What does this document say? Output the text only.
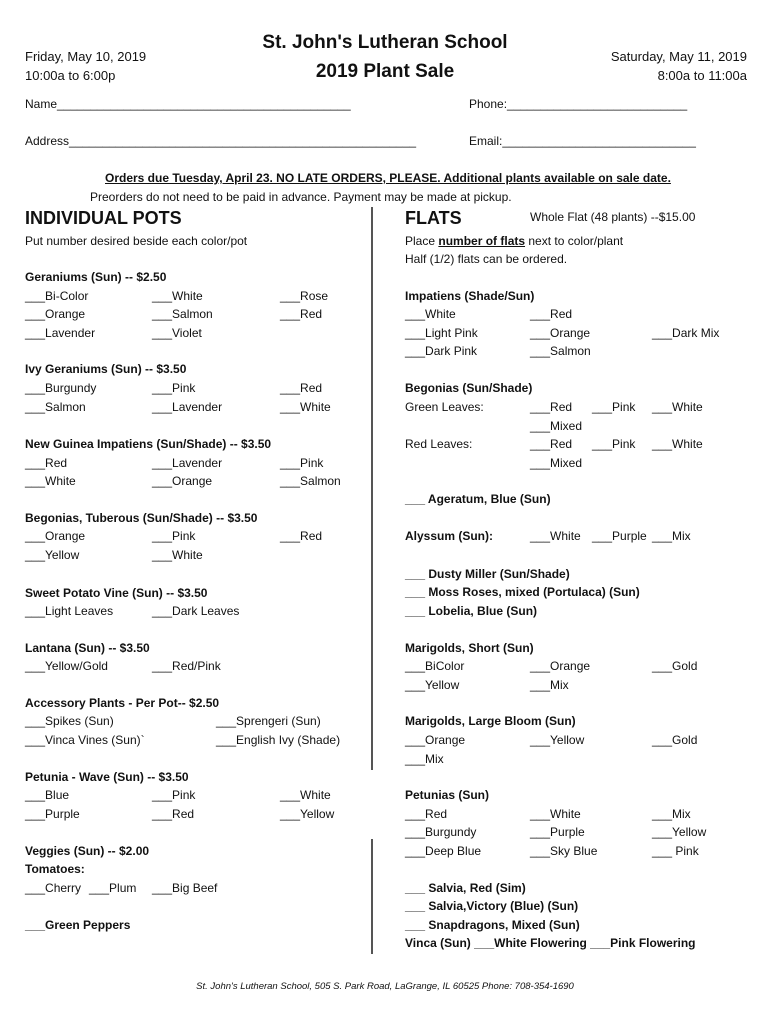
Friday, May 10, 2019
10:00a to 6:00p
St. John's Lutheran School
2019 Plant Sale
Saturday, May 11, 2019
8:00a to 11:00a
Name____________________________________________	Phone:___________________________
Address____________________________________________________	Email:_____________________________
Orders due Tuesday, April 23. NO LATE ORDERS, PLEASE. Additional plants available on sale date.
Preorders do not need to be paid in advance. Payment may be made at pickup.
INDIVIDUAL POTS
Put number desired beside each color/pot
Geraniums (Sun) -- $2.50
___Bi-Color	___White	___Rose
___Orange	___Salmon	___Red
___Lavender	___Violet
Ivy Geraniums (Sun) -- $3.50
___Burgundy	___Pink	___Red
___Salmon	___Lavender	___White
New Guinea Impatiens (Sun/Shade) -- $3.50
___Red	___Lavender	___Pink
___White	___Orange	___Salmon
Begonias, Tuberous (Sun/Shade) -- $3.50
___Orange	___Pink	___Red
___Yellow	___White
Sweet Potato Vine (Sun) -- $3.50
___Light Leaves	___Dark Leaves
Lantana (Sun) -- $3.50
___Yellow/Gold	___Red/Pink
Accessory Plants - Per Pot-- $2.50
___Spikes (Sun)	___Sprengeri (Sun)
___Vinca Vines (Sun)`	___English Ivy (Shade)
Petunia - Wave (Sun) -- $3.50
___Blue	___Pink	___White
___Purple	___Red	___Yellow
Veggies (Sun) -- $2.00
Tomatoes:
___Cherry ___Plum ___Big Beef
___Green Peppers
FLATS	Whole Flat (48 plants) --$15.00
Place number of flats next to color/plant
Half (1/2) flats can be ordered.
Impatiens (Shade/Sun)
___White	___Red
___Light Pink	___Orange	___Dark Mix
___Dark Pink	___Salmon
Begonias (Sun/Shade)
Green Leaves:	___Red ___Pink ___White
___Mixed
Red Leaves:	___Red ___Pink ___White
___Mixed
___ Ageratum, Blue (Sun)
Alyssum (Sun):	___White ___Purple ___Mix
___ Dusty Miller (Sun/Shade)
___ Moss Roses, mixed (Portulaca) (Sun)
___ Lobelia, Blue (Sun)
Marigolds, Short (Sun)
___BiColor	___Orange	___Gold
___Yellow	___Mix
Marigolds, Large Bloom (Sun)
___Orange	___Yellow	___Gold
___Mix
Petunias (Sun)
___Red	___White	___Mix
___Burgundy	___Purple	___Yellow
___Deep Blue	___Sky Blue	___ Pink
___ Salvia, Red (Sim)
___ Salvia,Victory (Blue) (Sun)
___ Snapdragons, Mixed (Sun)
Vinca (Sun) ___White Flowering ___Pink Flowering
St. John's Lutheran School, 505 S. Park Road, LaGrange, IL 60525 Phone: 708-354-1690
